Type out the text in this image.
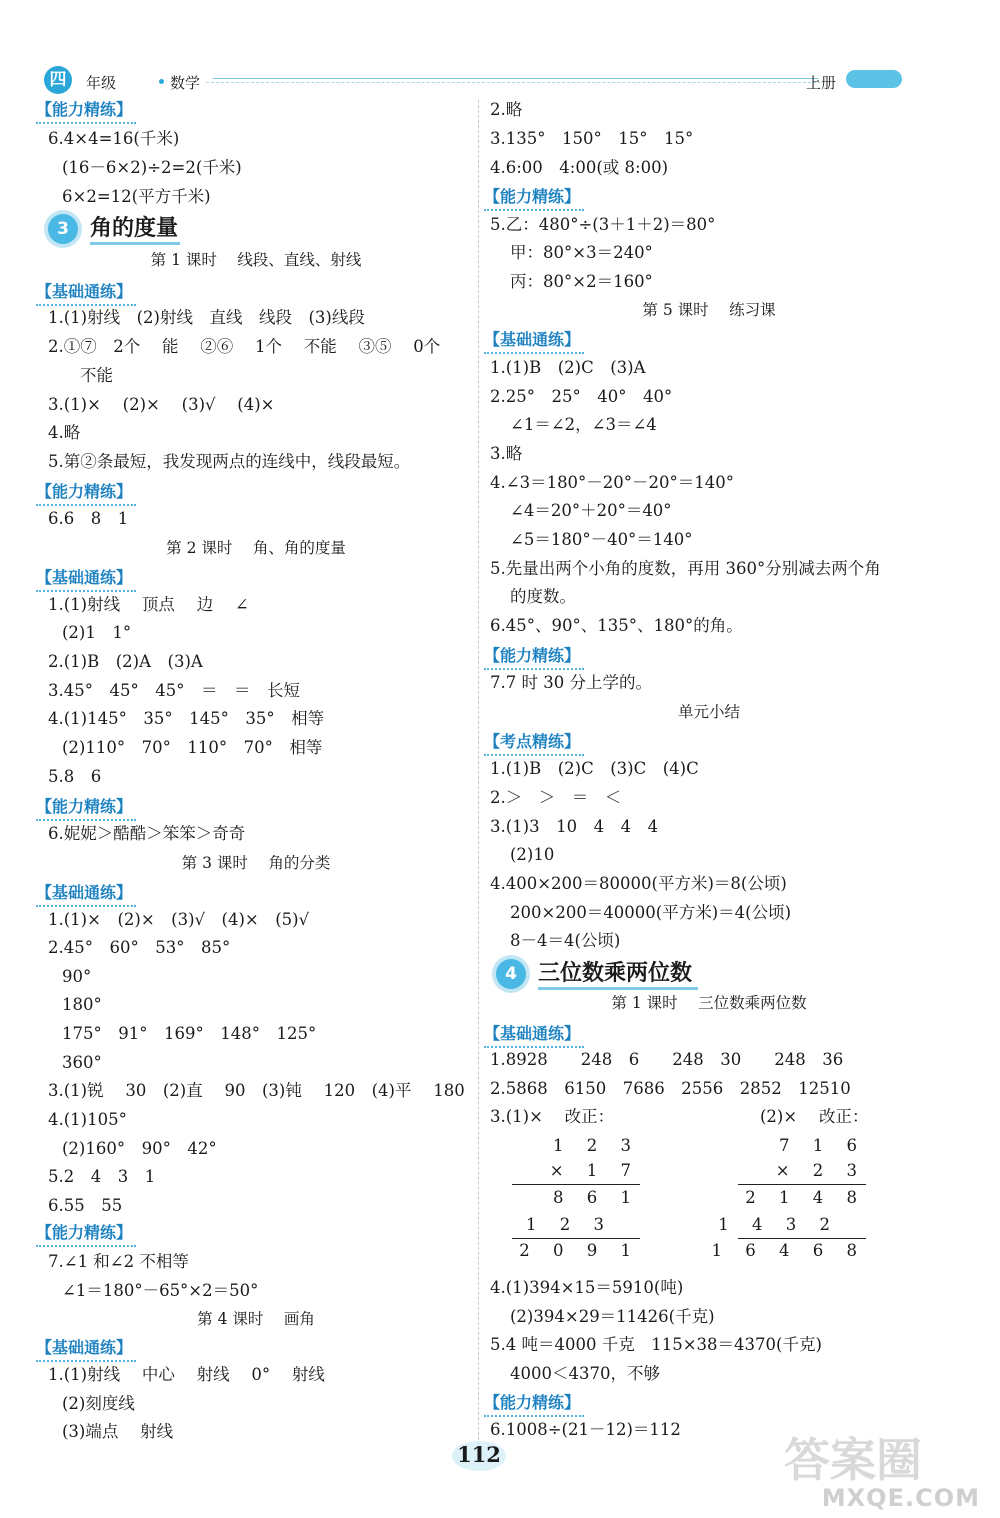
四	年级	数学	上册
【能力精练】
6.4×4=16(千米)
(16－6×2)÷2=2(千米)
6×2=12(平方千米)
3 角的度量
第 1 课时　 线段、直线、射线
【基础通练】
1.(1)射线　(2)射线　直线　线段　(3)线段
2.①⑦　2个　 能　 ②⑥　 1个　 不能　 ③⑤　 0个
不能
3.(1)×　 (2)×　 (3)√　 (4)×
4.略
5.第②条最短，我发现两点的连线中，线段最短。
【能力精练】
6.6　8　1
第 2 课时　 角、角的度量
【基础通练】
1.(1)射线　 顶点　 边　 ∠
(2)1　1°
2.(1)B　(2)A　(3)A
3.45°　45°　45°　＝　＝　长短
4.(1)145°　35°　145°　35°　相等
(2)110°　70°　110°　70°　相等
5.8　6
【能力精练】
6.妮妮＞酷酷＞笨笨＞奇奇
第 3 课时　 角的分类
【基础通练】
1.(1)×　(2)×　(3)√　(4)×　(5)√
2.45°　60°　53°　85°
90°
180°
175°　91°　169°　148°　125°
360°
3.(1)锐　 30　(2)直　 90　(3)钝　 120　(4)平　 180
4.(1)105°
(2)160°　90°　42°
5.2　4　3　1
6.55　55
【能力精练】
7.∠1 和∠2 不相等
∠1＝180°－65°×2＝50°
第 4 课时　 画角
【基础通练】
1.(1)射线　 中心　 射线　 0°　 射线
(2)刻度线
(3)端点　 射线
2.略
3.135°　150°　15°　15°
4.6:00　4:00(或 8:00)
【能力精练】
5.乙：480°÷(3＋1＋2)＝80°
甲：80°×3＝240°
丙：80°×2＝160°
第 5 课时　 练习课
【基础通练】
1.(1)B　(2)C　(3)A
2.25°　25°　40°　40°
∠1＝∠2，∠3＝∠4
3.略
4.∠3＝180°－20°－20°＝140°
∠4＝20°＋20°＝40°
∠5＝180°－40°＝140°
5.先量出两个小角的度数，再用 360°分别减去两个角
的度数。
6.45°、90°、135°、180°的角。
【能力精练】
7.7 时 30 分上学的。
单元小结
【考点精练】
1.(1)B　(2)C　(3)C　(4)C
2.＞　＞　＝　＜
3.(1)3　10　4　4　4
(2)10
4.400×200＝80000(平方米)＝8(公顷)
200×200＝40000(平方米)＝4(公顷)
8－4＝4(公顷)
4 三位数乘两位数
第 1 课时　 三位数乘两位数
【基础通练】
1.8928　　248　6　　248　30　　248　36
2.5868　6150　7686　2556　2852　12510
3.(1)×　 改正：	(2)×　 改正：
1 2 3
× 1 7
8 6 1
1 2 3
2 0 9 1
7 1 6
× 2 3
2 1 4 8
1 4 3 2
1 6 4 6 8
4.(1)394×15＝5910(吨)
(2)394×29＝11426(千克)
5.4 吨＝4000 千克　115×38＝4370(千克)
4000＜4370，不够
【能力精练】
6.1008÷(21－12)＝112
112	答案圈
MXQE.COM
